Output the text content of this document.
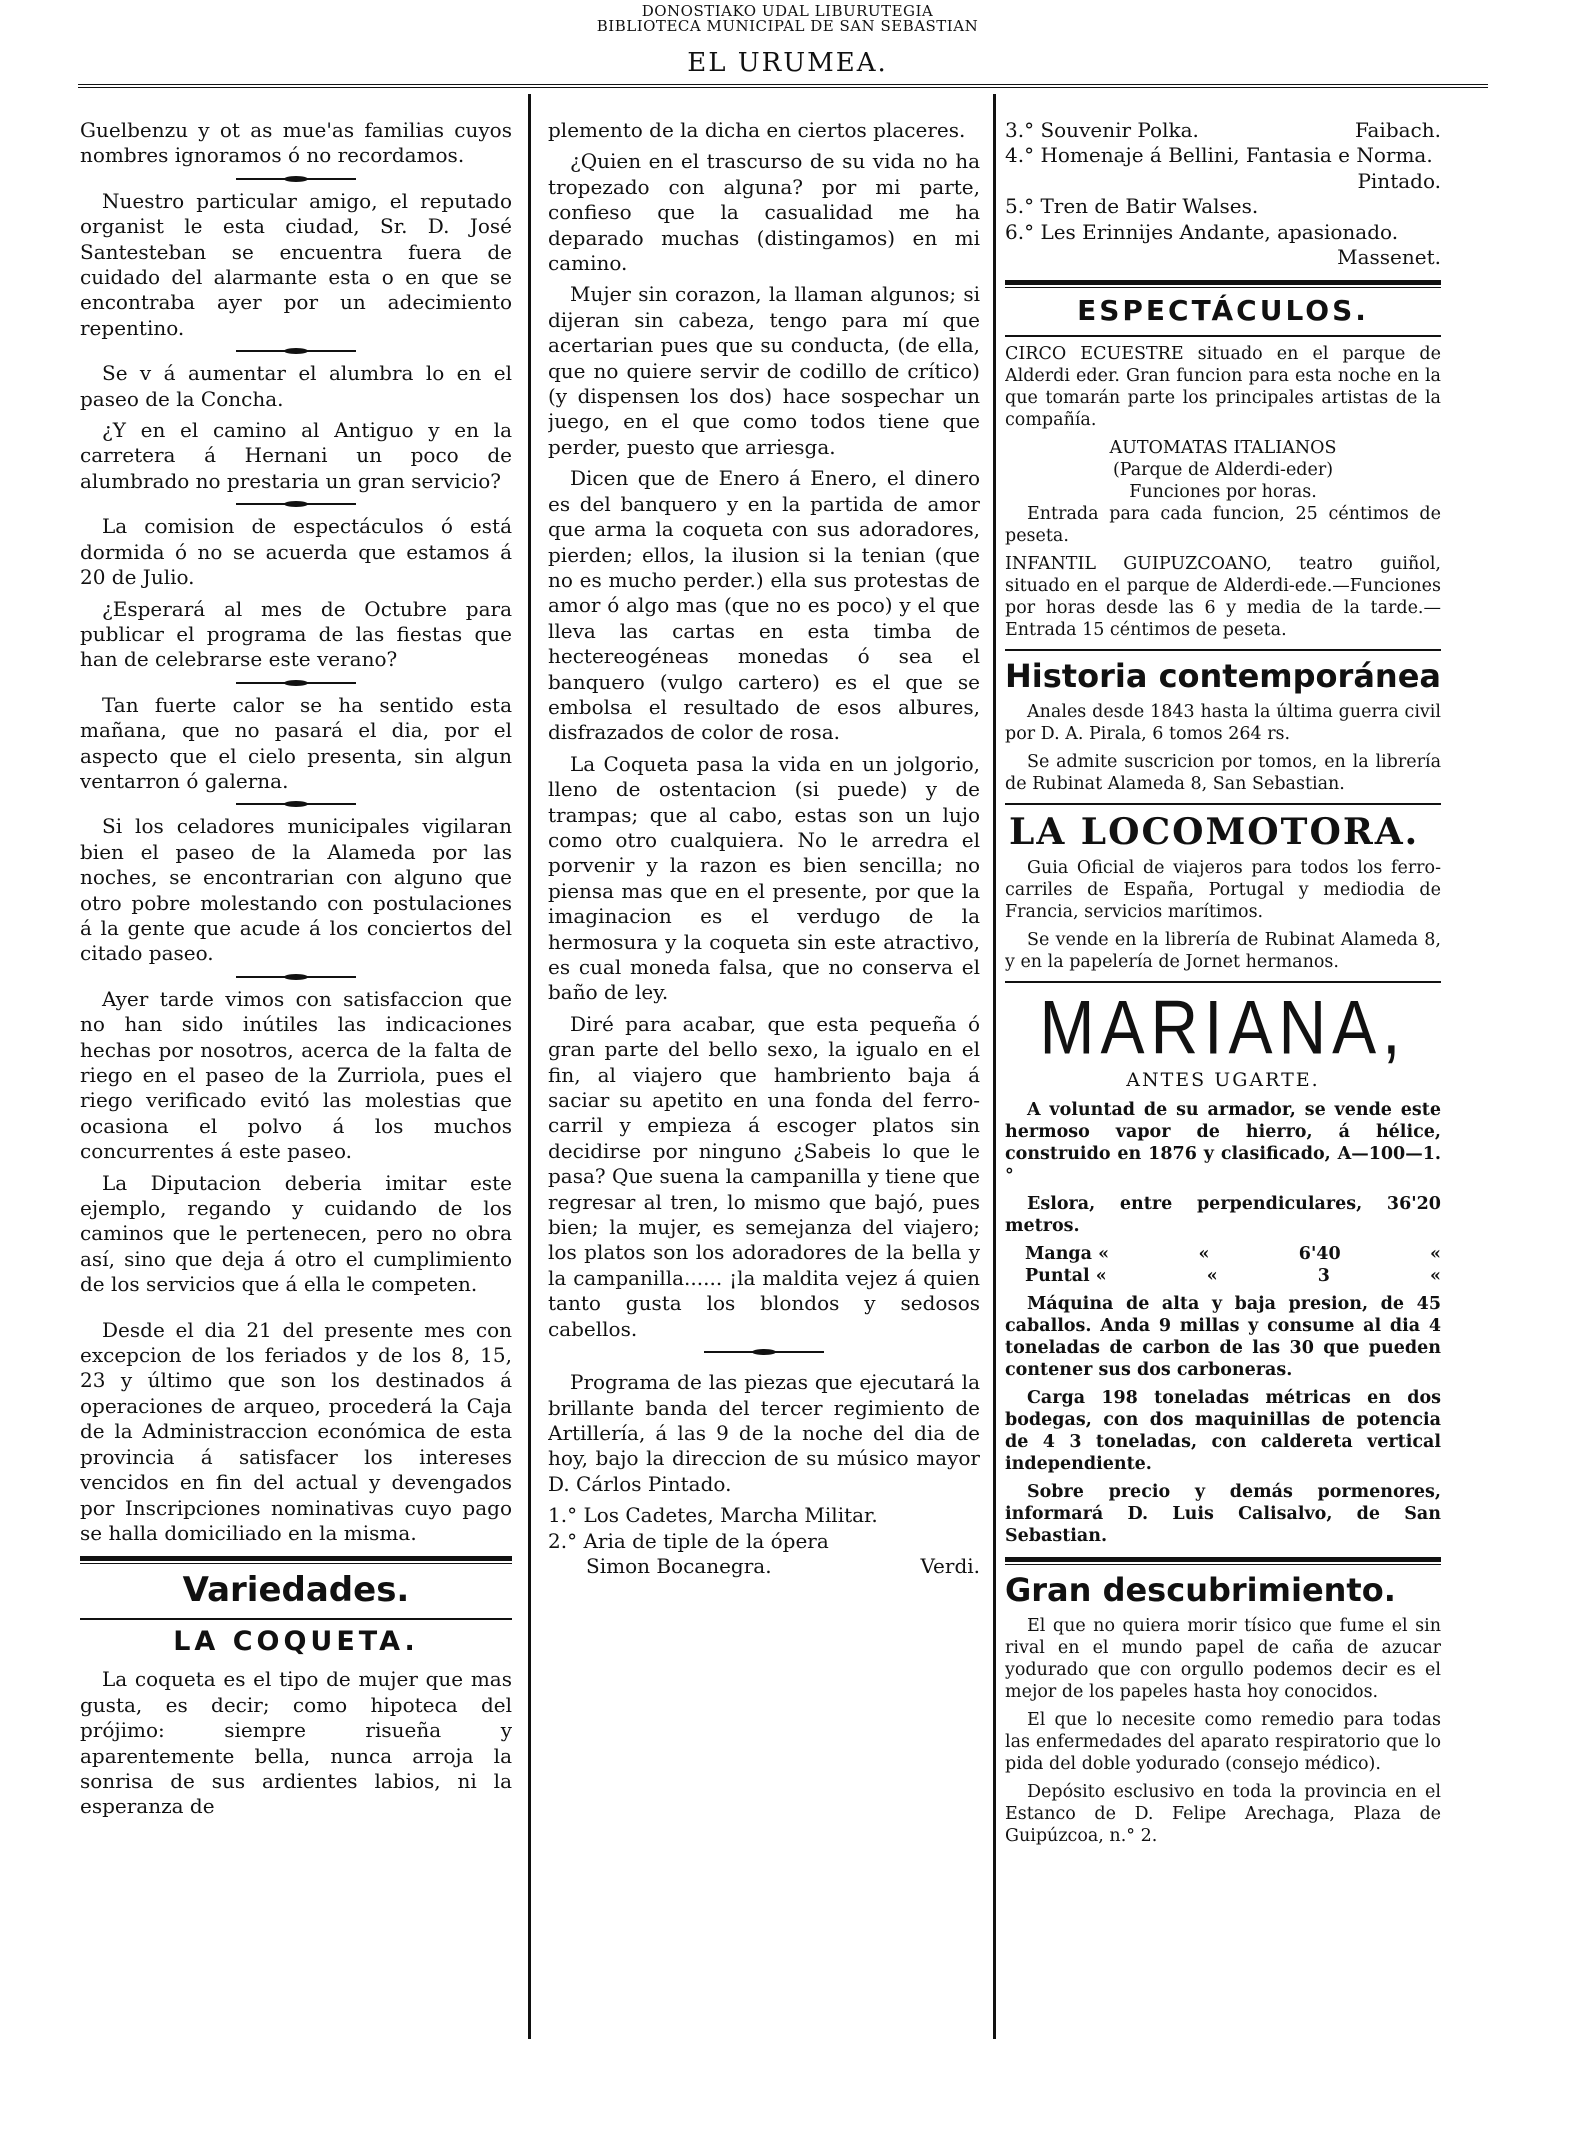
DONOSTIAKO UDAL LIBURUTEGIA
BIBLIOTECA MUNICIPAL DE SAN SEBASTIAN
EL URUMEA.

Guelbenzu y ot as mue'as familias cuyos nombres ignoramos ó no recordamos.

Nuestro particular amigo, el reputado organist le esta ciudad, Sr. D. José Santesteban se encuentra fuera de cuidado del alarmante esta o en que se encontraba ayer por un adecimiento repentino.

Se v á aumentar el alumbra lo en el paseo de la Concha.

¿Y en el camino al Antiguo y en la carretera á Hernani un poco de alumbrado no prestaria un gran servicio?

La comision de espectáculos ó está dormida ó no se acuerda que estamos á 20 de Julio.

¿Esperará al mes de Octubre para publicar el programa de las fiestas que han de celebrarse este verano?

Tan fuerte calor se ha sentido esta mañana, que no pasará el dia, por el aspecto que el cielo presenta, sin algun ventarron ó galerna.

Si los celadores municipales vigilaran bien el paseo de la Alameda por las noches, se encontrarian con alguno que otro pobre molestando con postulaciones á la gente que acude á los conciertos del citado paseo.

Ayer tarde vimos con satisfaccion que no han sido inútiles las indicaciones hechas por nosotros, acerca de la falta de riego en el paseo de la Zurriola, pues el riego verificado evitó las molestias que ocasiona el polvo á los muchos concurrentes á este paseo.

La Diputacion deberia imitar este ejemplo, regando y cuidando de los caminos que le pertenecen, pero no obra así, sino que deja á otro el cumplimiento de los servicios que á ella le competen.

Desde el dia 21 del presente mes con excepcion de los feriados y de los 8, 15, 23 y último que son los destinados á operaciones de arqueo, procederá la Caja de la Administraccion económica de esta provincia á satisfacer los intereses vencidos en fin del actual y devengados por Inscripciones nominativas cuyo pago se halla domiciliado en la misma.

Variedades.
LA COQUETA.

La coqueta es el tipo de mujer que mas gusta, es decir; como hipoteca del prójimo: siempre risueña y aparentemente bella, nunca arroja la sonrisa de sus ardientes labios, ni la esperanza de

plemento de la dicha en ciertos placeres.

¿Quien en el trascurso de su vida no ha tropezado con alguna? por mi parte, confieso que la casualidad me ha deparado muchas (distingamos) en mi camino.

Mujer sin corazon, la llaman algunos; si dijeran sin cabeza, tengo para mí que acertarian pues que su conducta, (de ella, que no quiere servir de codillo de crítico) (y dispensen los dos) hace sospechar un juego, en el que como todos tiene que perder, puesto que arriesga.

Dicen que de Enero á Enero, el dinero es del banquero y en la partida de amor que arma la coqueta con sus adoradores, pierden; ellos, la ilusion si la tenian (que no es mucho perder.) ella sus protestas de amor ó algo mas (que no es poco) y el que lleva las cartas en esta timba de hectereogéneas monedas ó sea el banquero (vulgo cartero) es el que se embolsa el resultado de esos albures, disfrazados de color de rosa.

La Coqueta pasa la vida en un jolgorio, lleno de ostentacion (si puede) y de trampas; que al cabo, estas son un lujo como otro cualquiera. No le arredra el porvenir y la razon es bien sencilla; no piensa mas que en el presente, por que la imaginacion es el verdugo de la hermosura y la coqueta sin este atractivo, es cual moneda falsa, que no conserva el baño de ley.

Diré para acabar, que esta pequeña ó gran parte del bello sexo, la igualo en el fin, al viajero que hambriento baja á saciar su apetito en una fonda del ferro-carril y empieza á escoger platos sin decidirse por ninguno ¿Sabeis lo que le pasa? Que suena la campanilla y tiene que regresar al tren, lo mismo que bajó, pues bien; la mujer, es semejanza del viajero; los platos son los adoradores de la bella y la campanilla...... ¡la maldita vejez á quien tanto gusta los blondos y sedosos cabellos.

Programa de las piezas que ejecutará la brillante banda del tercer regimiento de Artillería, á las 9 de la noche del dia de hoy, bajo la direccion de su músico mayor D. Cárlos Pintado.

1.° Los Cadetes, Marcha Militar.
2.° Aria de tiple de la ópera
Simon Bocanegra.	Verdi.
3.° Souvenir Polka.	Faibach.
4.° Homenaje á Bellini, Fantasia e Norma.
Pintado.
5.° Tren de Batir Walses.
6.° Les Erinnijes Andante, apasionado.
Massenet.
ESPECTÁCULOS.

CIRCO ECUESTRE situado en el parque de Alderdi eder. Gran funcion para esta noche en la que tomarán parte los principales artistas de la compañía.

AUTOMATAS ITALIANOS

(Parque de Alderdi-eder)

Funciones por horas.

Entrada para cada funcion, 25 céntimos de peseta.

INFANTIL GUIPUZCOANO, teatro guiñol, situado en el parque de Alderdi-ede.—Funciones por horas desde las 6 y media de la tarde.—Entrada 15 céntimos de peseta.

Historia contemporánea

Anales desde 1843 hasta la última guerra civil por D. A. Pirala, 6 tomos 264 rs.

Se admite suscricion por tomos, en la librería de Rubinat Alameda 8, San Sebastian.

LA LOCOMOTORA.

Guia Oficial de viajeros para todos los ferro-carriles de España, Portugal y mediodia de Francia, servicios marítimos.

Se vende en la librería de Rubinat Alameda 8, y en la papelería de Jornet hermanos.

MARIANA,
ANTES UGARTE.

A voluntad de su armador, se vende este hermoso vapor de hierro, á hélice, construido en 1876 y clasificado, A—100—1.°

Eslora, entre perpendiculares, 36'20 metros.

Manga «	«	6'40	«
Puntal «	«	3	«

Máquina de alta y baja presion, de 45 caballos. Anda 9 millas y consume al dia 4 toneladas de carbon de las 30 que pueden contener sus dos carboneras.

Carga 198 toneladas métricas en dos bodegas, con dos maquinillas de potencia de 4 3 toneladas, con caldereta vertical independiente.

Sobre precio y demás pormenores, informará D. Luis Calisalvo, de San Sebastian.

Gran descubrimiento.

El que no quiera morir tísico que fume el sin rival en el mundo papel de caña de azucar yodurado que con orgullo podemos decir es el mejor de los papeles hasta hoy conocidos.

El que lo necesite como remedio para todas las enfermedades del aparato respiratorio que lo pida del doble yodurado (consejo médico).

Depósito esclusivo en toda la provincia en el Estanco de D. Felipe Arechaga, Plaza de Guipúzcoa, n.° 2.
